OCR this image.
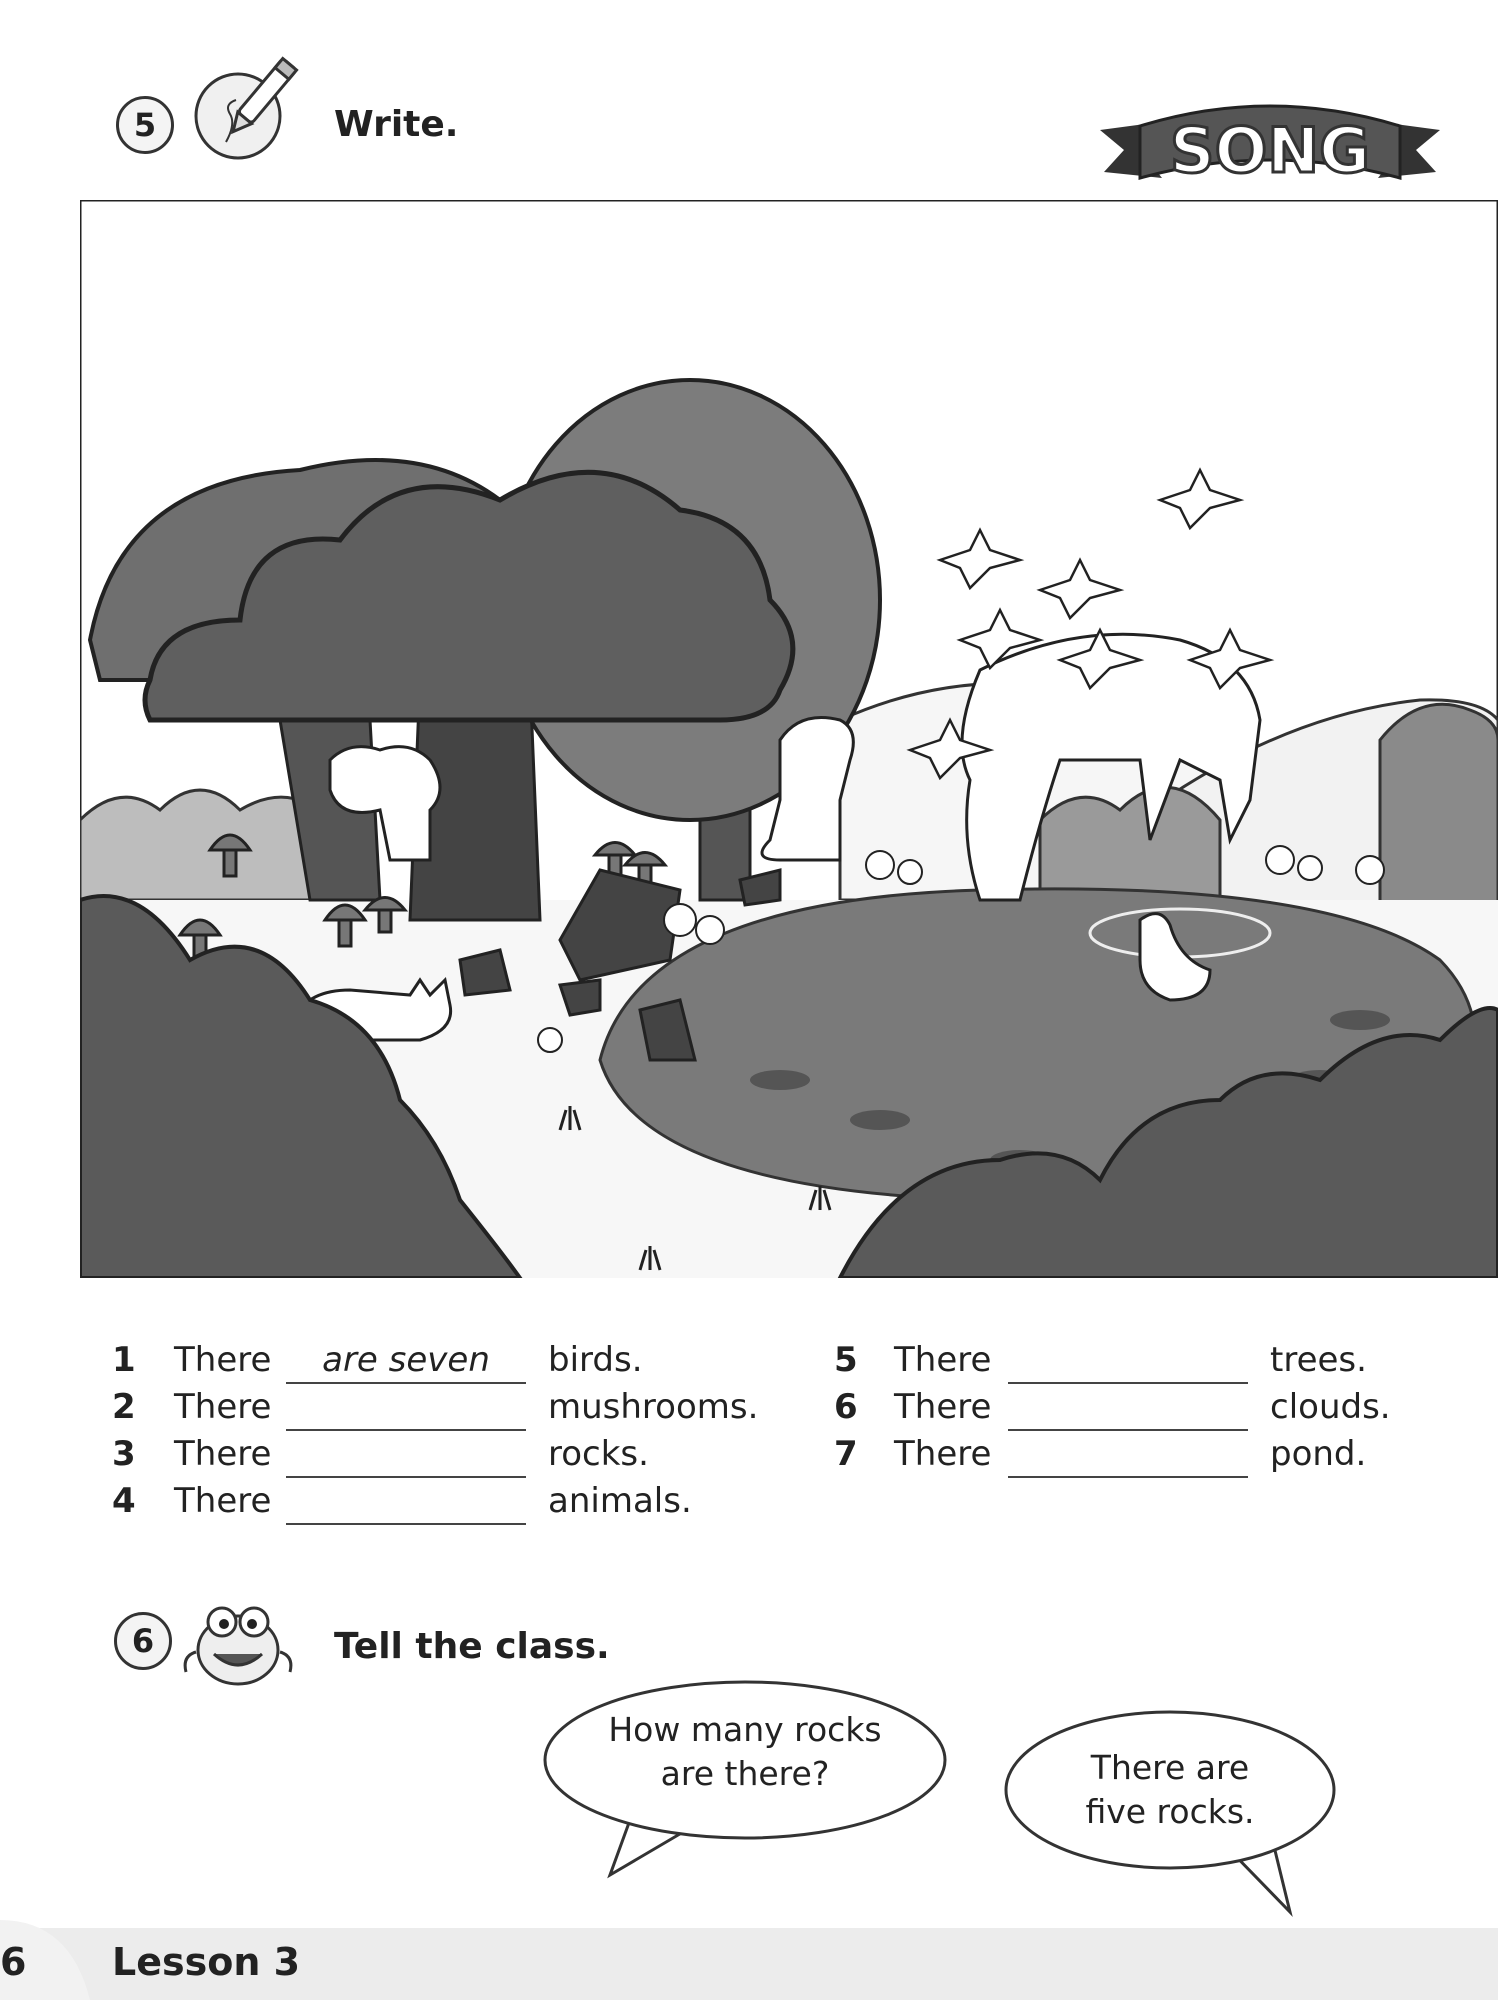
5	Write.	SONG
1 There	are seven	birds.
2 There	mushrooms.
3 There	rocks.
4 There	animals.
5 There	trees.
6 There	clouds.
7 There	pond.
6	Tell the class.
How many rocks
are there?	There are
five rocks.
6 Lesson 3
